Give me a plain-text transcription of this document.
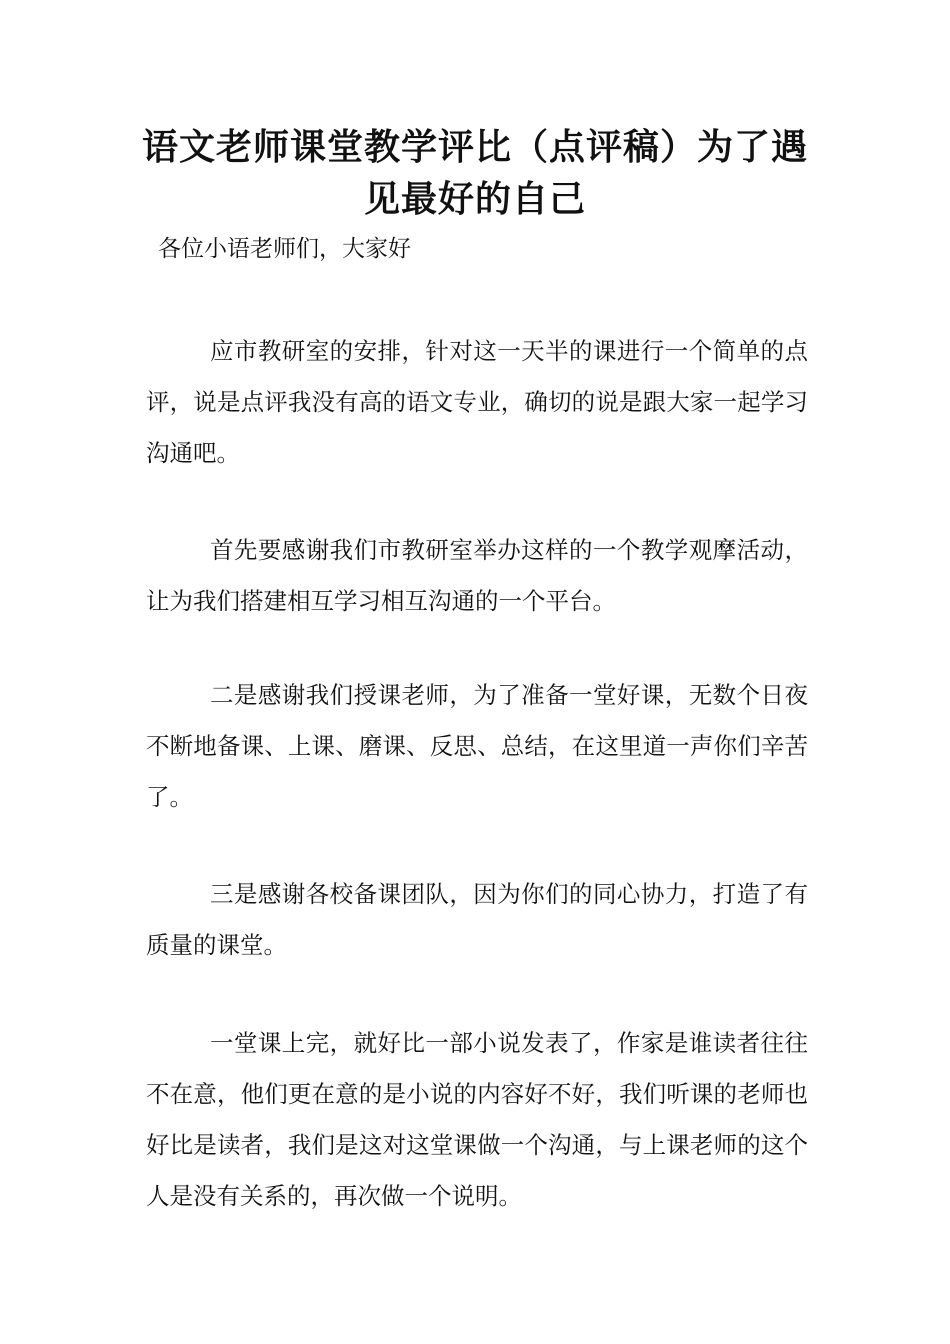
语文老师课堂教学评比（点评稿）为了遇见最好的自己

各位小语老师们，大家好

应市教研室的安排，针对这一天半的课进行一个简单的点评，说是点评我没有高的语文专业，确切的说是跟大家一起学习沟通吧。

首先要感谢我们市教研室举办这样的一个教学观摩活动，让为我们搭建相互学习相互沟通的一个平台。

二是感谢我们授课老师，为了准备一堂好课，无数个日夜不断地备课、上课、磨课、反思、总结，在这里道一声你们辛苦了。

三是感谢各校备课团队，因为你们的同心协力，打造了有质量的课堂。

一堂课上完，就好比一部小说发表了，作家是谁读者往往不在意，他们更在意的是小说的内容好不好，我们听课的老师也好比是读者，我们是这对这堂课做一个沟通，与上课老师的这个人是没有关系的，再次做一个说明。
